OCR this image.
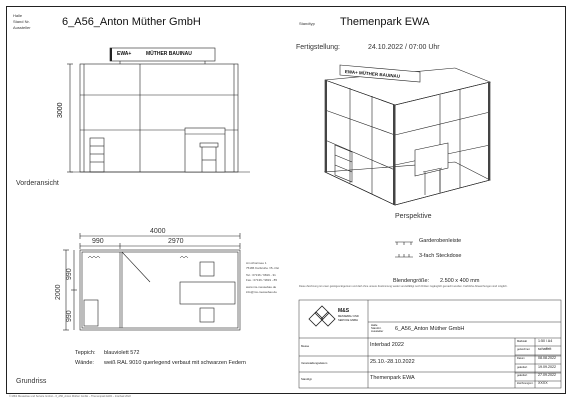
Halle
Stand Nr.
Aussteller	6_A56_Anton Müther GmbH	Standtyp Themenpark EWA
Fertigstellung:	24.10.2022 / 07:00 Uhr
EWA+	MÜTHER BAUINAU
3000
Vorderansicht
EWA+ MÜTHER BAUINAU
Perspektive
Garderobenleiste
3-fach Steckdose
Blendengröße: 2.500 x 400 mm
4000
990	2970
2000
990
990
Teppich: blauviolett 572
Wände: weiß RAL 9010 querlegend verbaut mit schwarzen Federn
Grundriss
Am Ahornsee 1
75186 Karlsruhe / B.-Ost
Tel.: 07136 / 9819 - 31
Fax.: 07136 / 9819 - 85
www.ms-messebau.de
info@ms-messebau.de
Diese Zeichnung ist unser geistiges Eigentum und darf ohne unsere Zustimmung weder vervielfältigt noch Dritten zugänglich gemacht werden. Farbliche Abweichungen sind möglich.
M&S
MESSEBAU UND
SERVICE GMBH
Halle
Standnr.
Aussteller 6_A56_Anton Müther GmbH
Messe	Interbad 2022
Veranstaltungsdatum	25.10.-28.10.2022
Standtyp	Themenpark EWA
Maßstab	1:50 / A4
gezeichnet schaffeit
Datum	08.08.2022
geändert	19.09.2022
geändert	27.09.2022
Zeichnungsnr. XXXX
© M&S Messebau und Service GmbH – 6_A56_Anton Müther GmbH – Themenpark EWA – Interbad 2022
